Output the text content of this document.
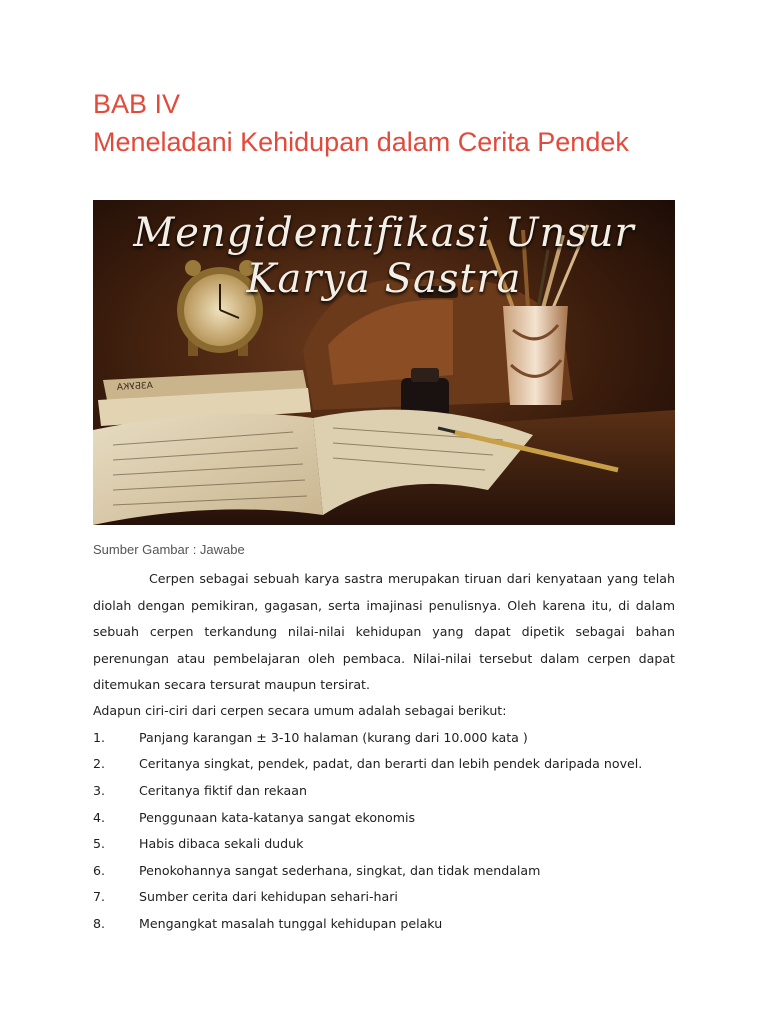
BAB IV
Meneladani Kehidupan dalam Cerita Pendek
АЗБУКА
Mengidentifikasi Unsur Karya Sastra
Sumber Gambar : Jawabe

Cerpen sebagai sebuah karya sastra merupakan tiruan dari kenyataan yang telah diolah dengan pemikiran, gagasan, serta imajinasi penulisnya. Oleh karena itu, di dalam sebuah cerpen terkandung nilai-nilai kehidupan yang dapat dipetik sebagai bahan perenungan atau pembelajaran oleh pembaca. Nilai-nilai tersebut dalam cerpen dapat ditemukan secara tersurat maupun tersirat.

Adapun ciri-ciri dari cerpen secara umum adalah sebagai berikut:
1.	Panjang karangan ± 3-10 halaman (kurang dari 10.000 kata )
2.	Ceritanya singkat, pendek, padat, dan berarti dan lebih pendek daripada novel.
3.	Ceritanya fiktif dan rekaan
4.	Penggunaan kata-katanya sangat ekonomis
5.	Habis dibaca sekali duduk
6.	Penokohannya sangat sederhana, singkat, dan tidak mendalam
7.	Sumber cerita dari kehidupan sehari-hari
8.	Mengangkat masalah tunggal kehidupan pelaku
